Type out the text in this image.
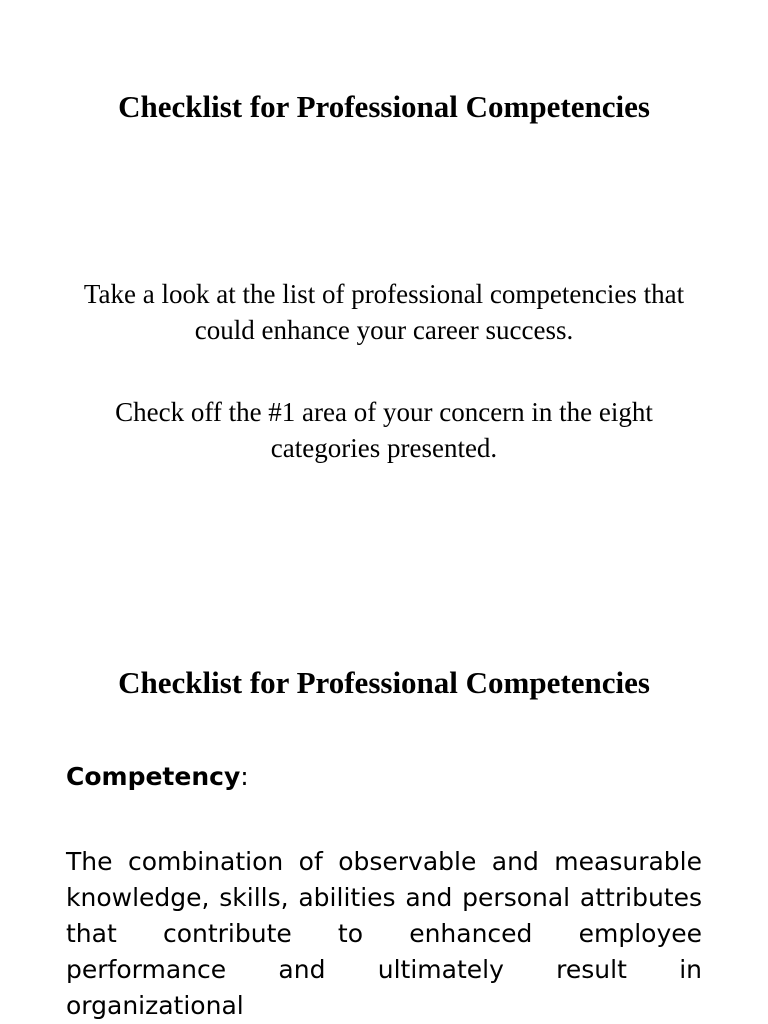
Checklist for Professional Competencies

Take a look at the list of professional competencies that could enhance your career success.

Check off the #1 area of your concern in the eight categories presented.

Checklist for Professional Competencies

Competency:

The combination of observable and measurable knowledge, skills, abilities and personal attributes that contribute to enhanced employee performance and ultimately result in organizational
